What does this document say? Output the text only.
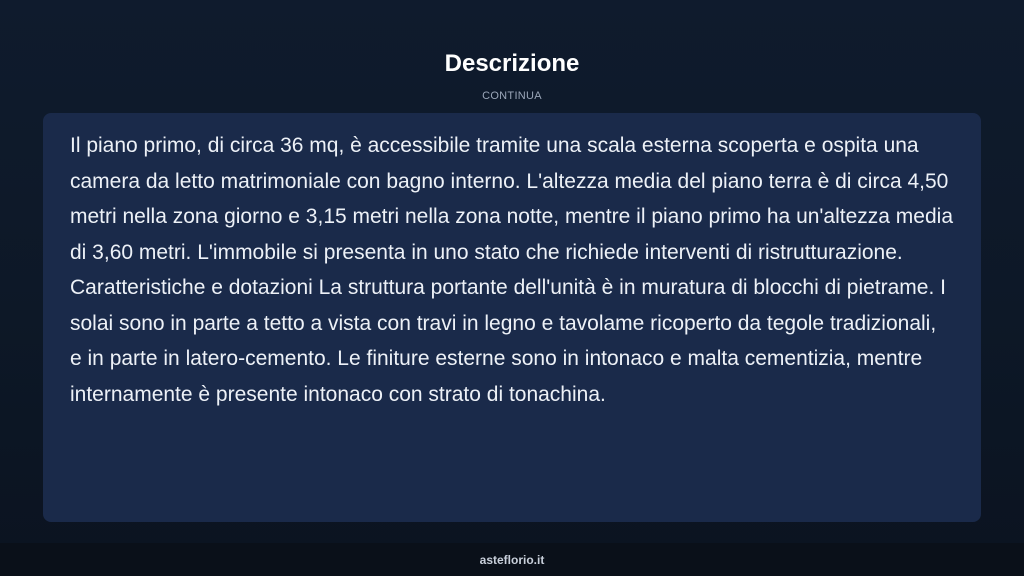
Descrizione
CONTINUA

Il piano primo, di circa 36 mq, è accessibile tramite una scala esterna scoperta e ospita una camera da letto matrimoniale con bagno interno. L'altezza media del piano terra è di circa 4,50 metri nella zona giorno e 3,15 metri nella zona notte, mentre il piano primo ha un'altezza media di 3,60 metri. L'immobile si presenta in uno stato che richiede interventi di ristrutturazione. Caratteristiche e dotazioni La struttura portante dell'unità è in muratura di blocchi di pietrame. I solai sono in parte a tetto a vista con travi in legno e tavolame ricoperto da tegole tradizionali, e in parte in latero-cemento. Le finiture esterne sono in intonaco e malta cementizia, mentre internamente è presente intonaco con strato di tonachina.

asteflorio.it
